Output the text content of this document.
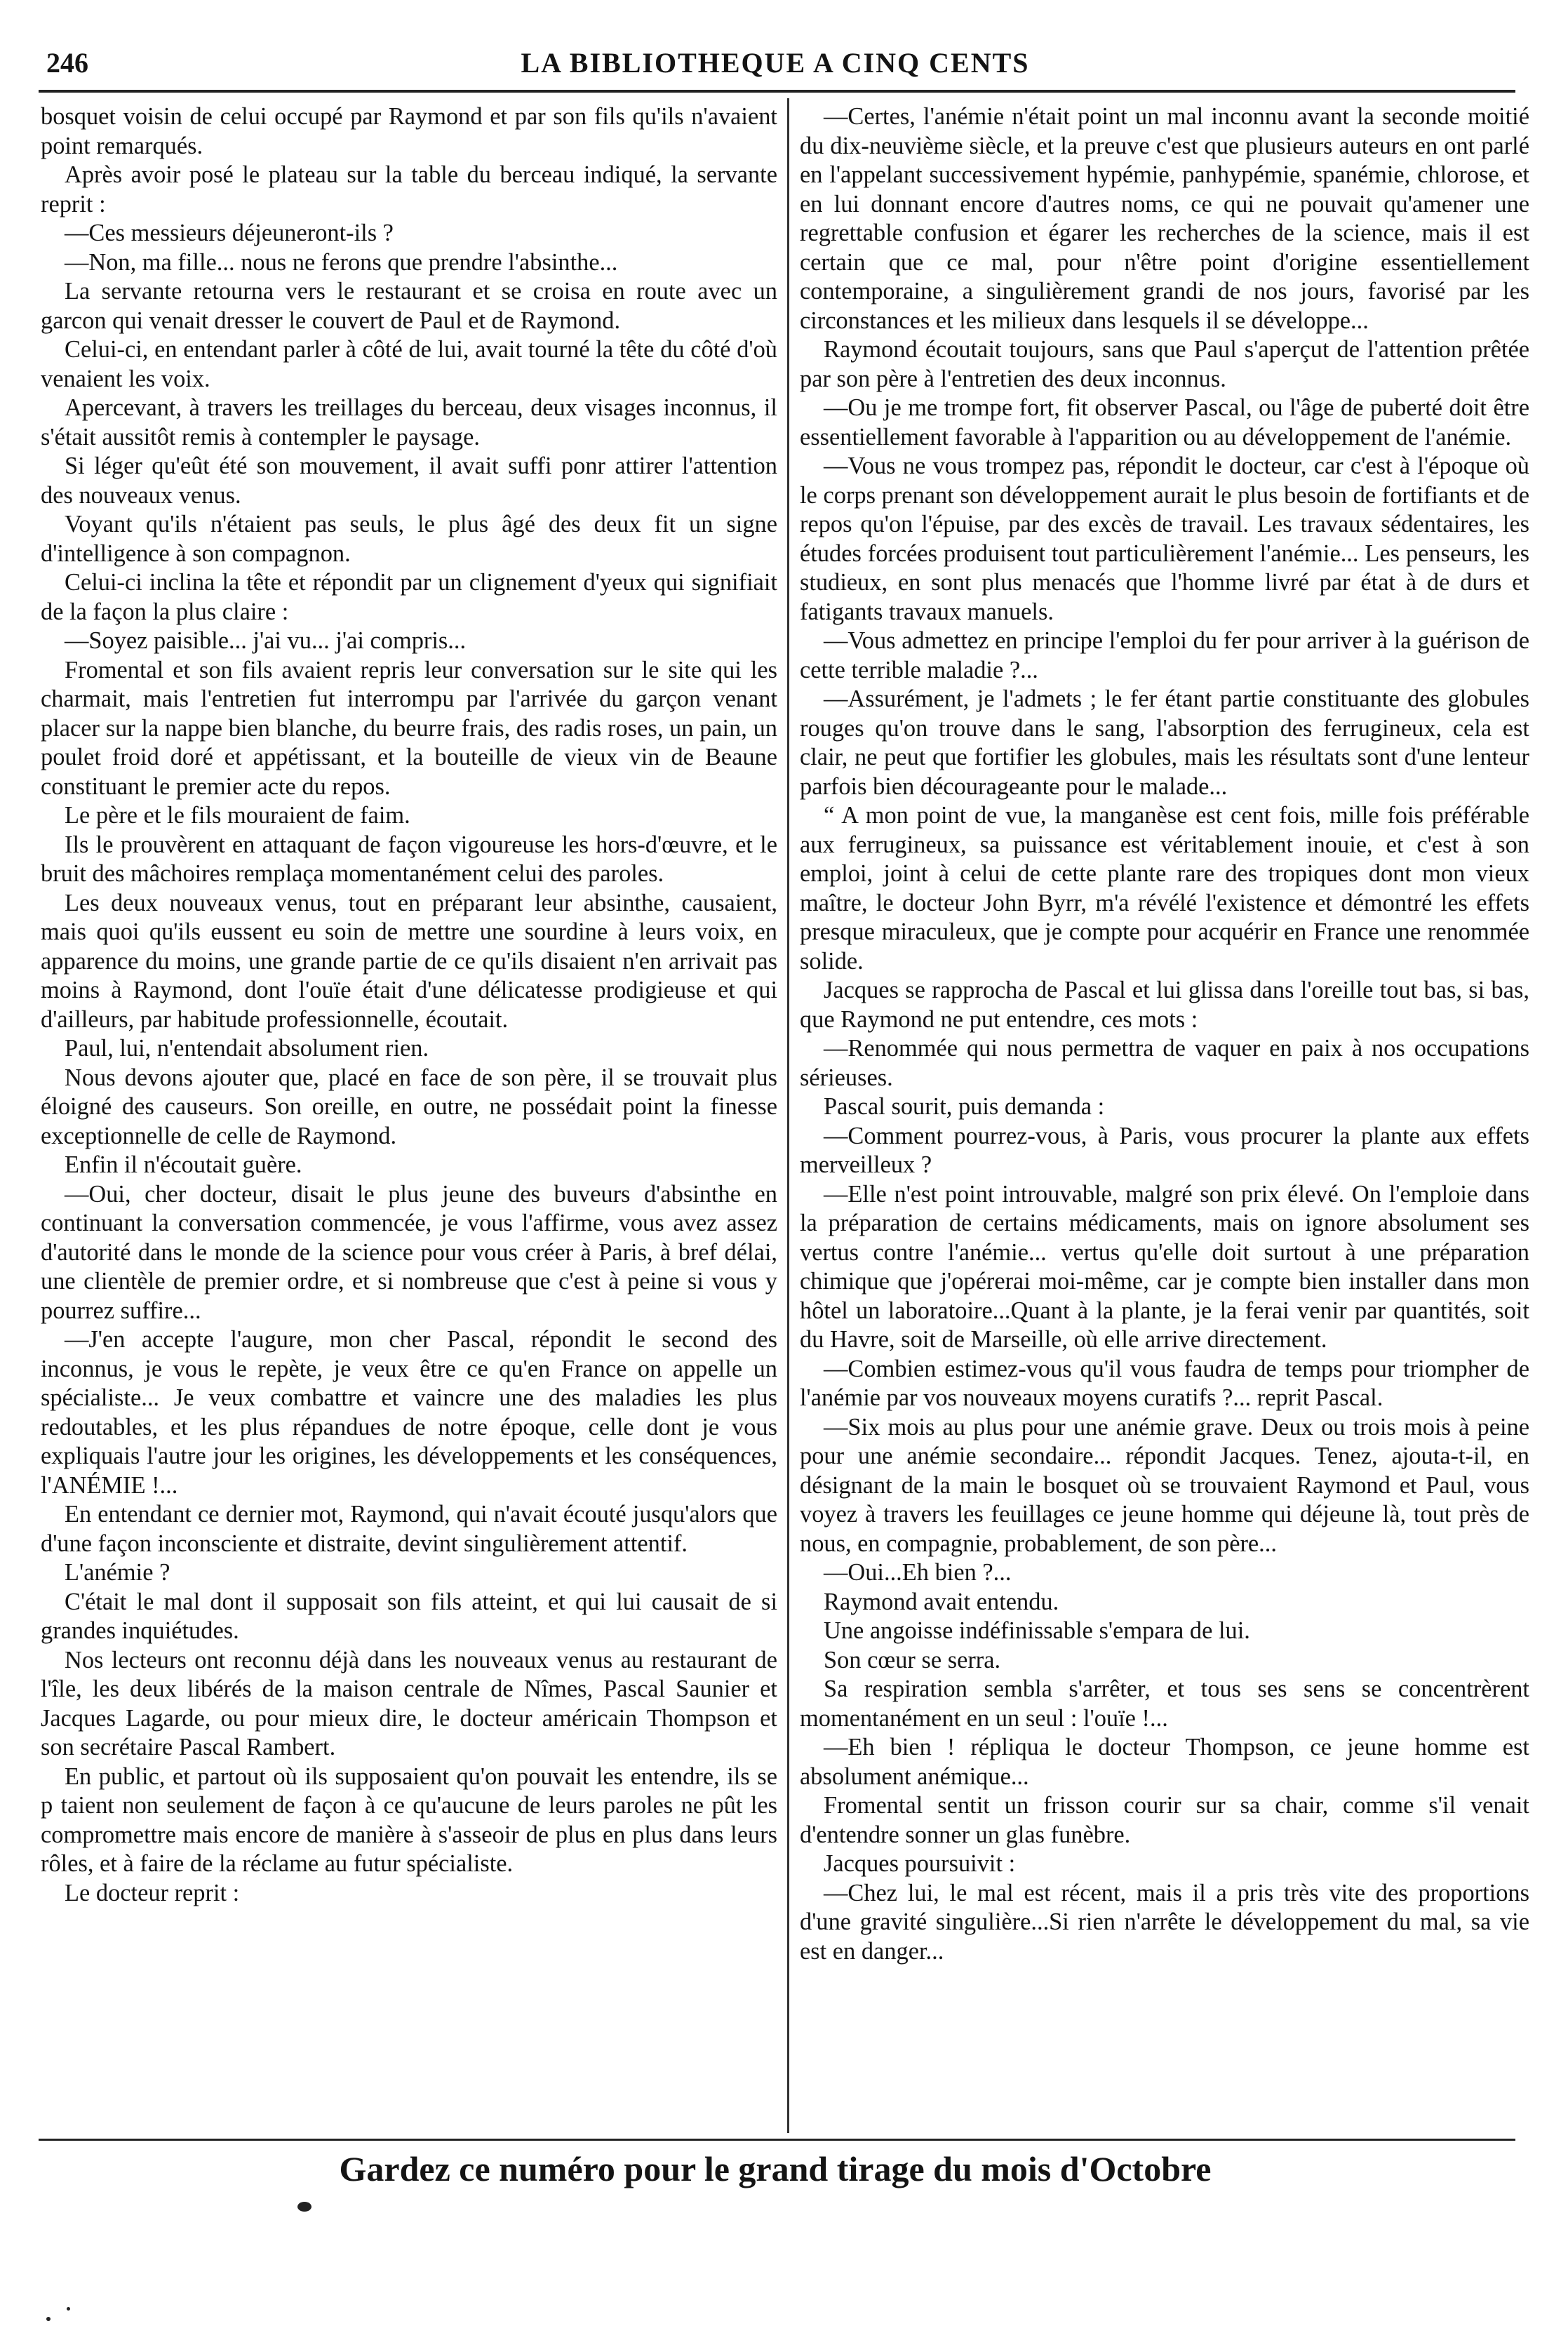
246	LA BIBLIOTHEQUE A CINQ CENTS

bosquet voisin de celui occupé par Raymond et par son fils qu'ils n'avaient point remarqués.

Après avoir posé le plateau sur la table du berceau indiqué, la servante reprit :

—Ces messieurs déjeuneront-ils ?

—Non, ma fille... nous ne ferons que prendre l'absinthe...

La servante retourna vers le restaurant et se croisa en route avec un garcon qui venait dresser le couvert de Paul et de Raymond.

Celui-ci, en entendant parler à côté de lui, avait tourné la tête du côté d'où venaient les voix.

Apercevant, à travers les treillages du berceau, deux visages inconnus, il s'était aussitôt remis à contempler le paysage.

Si léger qu'eût été son mouvement, il avait suffi ponr attirer l'attention des nouveaux venus.

Voyant qu'ils n'étaient pas seuls, le plus âgé des deux fit un signe d'intelligence à son compagnon.

Celui-ci inclina la tête et répondit par un clignement d'yeux qui signifiait de la façon la plus claire :

—Soyez paisible... j'ai vu... j'ai compris...

Fromental et son fils avaient repris leur conversation sur le site qui les charmait, mais l'entretien fut interrompu par l'arrivée du garçon venant placer sur la nappe bien blanche, du beurre frais, des radis roses, un pain, un poulet froid doré et appétissant, et la bouteille de vieux vin de Beaune constituant le premier acte du repos.

Le père et le fils mouraient de faim.

Ils le prouvèrent en attaquant de façon vigoureuse les hors-d'œuvre, et le bruit des mâchoires remplaça momentanément celui des paroles.

Les deux nouveaux venus, tout en préparant leur absinthe, causaient, mais quoi qu'ils eussent eu soin de mettre une sourdine à leurs voix, en apparence du moins, une grande partie de ce qu'ils disaient n'en arrivait pas moins à Raymond, dont l'ouïe était d'une délicatesse prodigieuse et qui d'ailleurs, par habitude professionnelle, écoutait.

Paul, lui, n'entendait absolument rien.

Nous devons ajouter que, placé en face de son père, il se trouvait plus éloigné des causeurs. Son oreille, en outre, ne possédait point la finesse exceptionnelle de celle de Raymond.

Enfin il n'écoutait guère.

—Oui, cher docteur, disait le plus jeune des buveurs d'absinthe en continuant la conversation commencée, je vous l'affirme, vous avez assez d'autorité dans le monde de la science pour vous créer à Paris, à bref délai, une clientèle de premier ordre, et si nombreuse que c'est à peine si vous y pourrez suffire...

—J'en accepte l'augure, mon cher Pascal, répondit le second des inconnus, je vous le repète, je veux être ce qu'en France on appelle un spécialiste... Je veux combattre et vaincre une des maladies les plus redoutables, et les plus répandues de notre époque, celle dont je vous expliquais l'autre jour les origines, les développements et les conséquences, l'ANÉMIE !...

En entendant ce dernier mot, Raymond, qui n'avait écouté jusqu'alors que d'une façon inconsciente et distraite, devint singulièrement attentif.

L'anémie ?

C'était le mal dont il supposait son fils atteint, et qui lui causait de si grandes inquiétudes.

Nos lecteurs ont reconnu déjà dans les nouveaux venus au restaurant de l'île, les deux libérés de la maison centrale de Nîmes, Pascal Saunier et Jacques Lagarde, ou pour mieux dire, le docteur américain Thompson et son secrétaire Pascal Rambert.

En public, et partout où ils supposaient qu'on pouvait les entendre, ils se p taient non seulement de façon à ce qu'aucune de leurs paroles ne pût les compromettre mais encore de manière à s'asseoir de plus en plus dans leurs rôles, et à faire de la réclame au futur spécialiste.

Le docteur reprit :

—Certes, l'anémie n'était point un mal inconnu avant la seconde moitié du dix-neuvième siècle, et la preuve c'est que plusieurs auteurs en ont parlé en l'appelant successivement hypémie, panhypémie, spanémie, chlorose, et en lui donnant encore d'autres noms, ce qui ne pouvait qu'amener une regrettable confusion et égarer les recherches de la science, mais il est certain que ce mal, pour n'être point d'origine essentiellement contemporaine, a singulièrement grandi de nos jours, favorisé par les circonstances et les milieux dans lesquels il se développe...

Raymond écoutait toujours, sans que Paul s'aperçut de l'attention prêtée par son père à l'entretien des deux inconnus.

—Ou je me trompe fort, fit observer Pascal, ou l'âge de puberté doit être essentiellement favorable à l'apparition ou au développement de l'anémie.

—Vous ne vous trompez pas, répondit le docteur, car c'est à l'époque où le corps prenant son développement aurait le plus besoin de fortifiants et de repos qu'on l'épuise, par des excès de travail. Les travaux sédentaires, les études forcées produisent tout particulièrement l'anémie... Les penseurs, les studieux, en sont plus menacés que l'homme livré par état à de durs et fatigants travaux manuels.

—Vous admettez en principe l'emploi du fer pour arriver à la guérison de cette terrible maladie ?...

—Assurément, je l'admets ; le fer étant partie constituante des globules rouges qu'on trouve dans le sang, l'absorption des ferrugineux, cela est clair, ne peut que fortifier les globules, mais les résultats sont d'une lenteur parfois bien décourageante pour le malade...

“ A mon point de vue, la manganèse est cent fois, mille fois préférable aux ferrugineux, sa puissance est véritablement inouie, et c'est à son emploi, joint à celui de cette plante rare des tropiques dont mon vieux maître, le docteur John Byrr, m'a révélé l'existence et démontré les effets presque miraculeux, que je compte pour acquérir en France une renommée solide.

Jacques se rapprocha de Pascal et lui glissa dans l'oreille tout bas, si bas, que Raymond ne put entendre, ces mots :

—Renommée qui nous permettra de vaquer en paix à nos occupations sérieuses.

Pascal sourit, puis demanda :

—Comment pourrez-vous, à Paris, vous procurer la plante aux effets merveilleux ?

—Elle n'est point introuvable, malgré son prix élevé. On l'emploie dans la préparation de certains médicaments, mais on ignore absolument ses vertus contre l'anémie... vertus qu'elle doit surtout à une préparation chimique que j'opérerai moi-même, car je compte bien installer dans mon hôtel un laboratoire...Quant à la plante, je la ferai venir par quantités, soit du Havre, soit de Marseille, où elle arrive directement.

—Combien estimez-vous qu'il vous faudra de temps pour triompher de l'anémie par vos nouveaux moyens curatifs ?... reprit Pascal.

—Six mois au plus pour une anémie grave. Deux ou trois mois à peine pour une anémie secondaire... répondit Jacques. Tenez, ajouta-t-il, en désignant de la main le bosquet où se trouvaient Raymond et Paul, vous voyez à travers les feuillages ce jeune homme qui déjeune là, tout près de nous, en compagnie, probablement, de son père...

—Oui...Eh bien ?...

Raymond avait entendu.

Une angoisse indéfinissable s'empara de lui.

Son cœur se serra.

Sa respiration sembla s'arrêter, et tous ses sens se concentrèrent momentanément en un seul : l'ouïe !...

—Eh bien ! répliqua le docteur Thompson, ce jeune homme est absolument anémique...

Fromental sentit un frisson courir sur sa chair, comme s'il venait d'entendre sonner un glas funèbre.

Jacques poursuivit :

—Chez lui, le mal est récent, mais il a pris très vite des proportions d'une gravité singulière...Si rien n'arrête le développement du mal, sa vie est en danger...

Gardez ce numéro pour le grand tirage du mois d'Octobre
